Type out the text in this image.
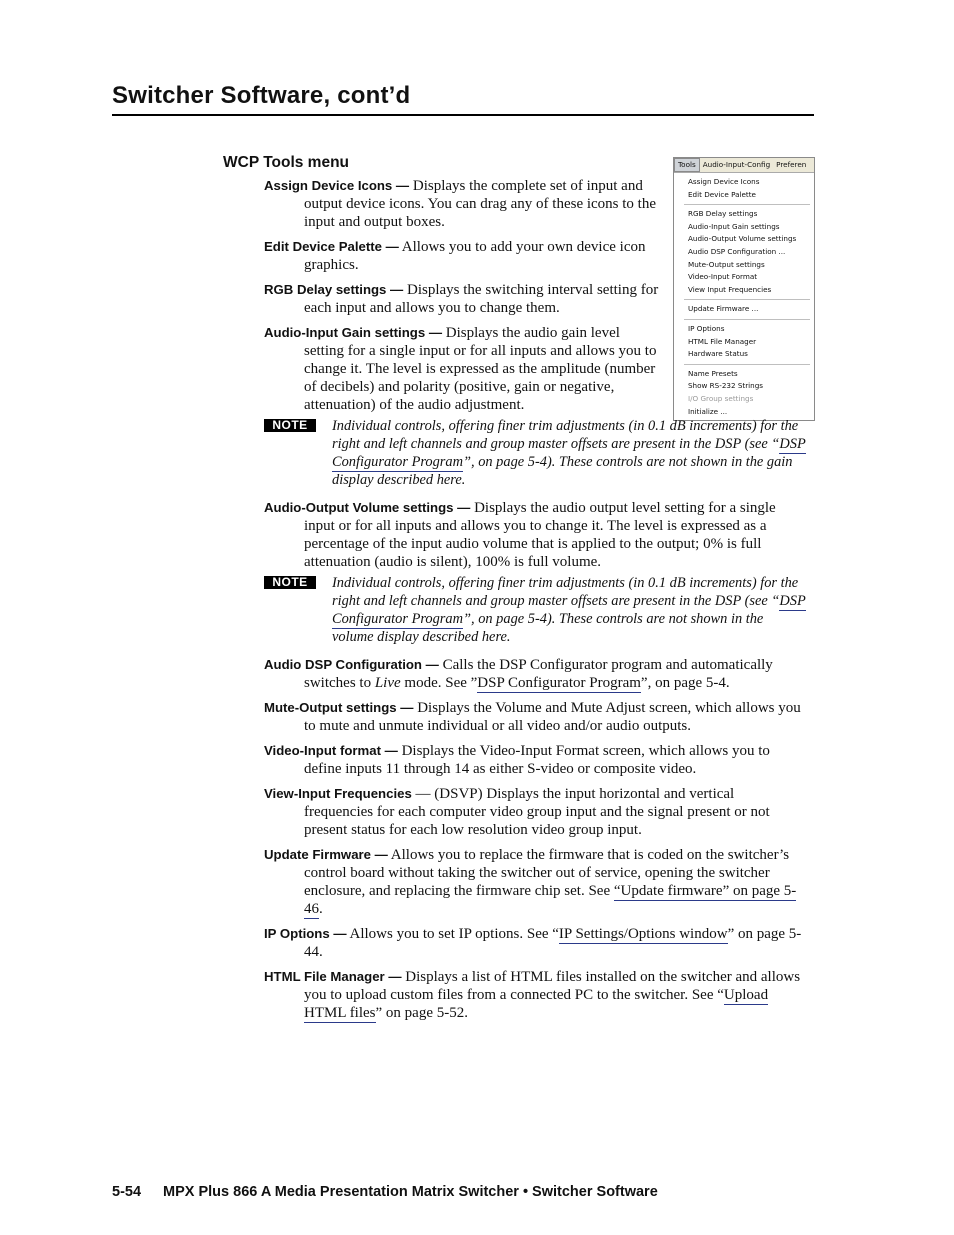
Switcher Software, cont’d
WCP Tools menu	Tools Audio-Input-Config Preferen
Assign Device Icons
Edit Device Palette
RGB Delay settings
Audio-Input Gain settings
Audio-Output Volume settings
Audio DSP Configuration ...
Mute-Output settings
Video-Input Format
View Input Frequencies
Update Firmware ...
IP Options
HTML File Manager
Hardware Status
Name Presets
Show RS-232 Strings
I/O Group settings
Initialize ...

Assign Device Icons — Displays the complete set of input and output device icons. You can drag any of these icons to the input and output boxes.

Edit Device Palette — Allows you to add your own device icon graphics.

RGB Delay settings — Displays the switching interval setting for each input and allows you to change them.

Audio-Input Gain settings — Displays the audio gain level setting for a single input or for all inputs and allows you to change it. The level is expressed as the amplitude (number of decibels) and polarity (positive, gain or negative, attenuation) of the audio adjustment.

NOTE	Individual controls, offering finer trim adjustments (in 0.1 dB increments) for the right and left channels and group master offsets are present in the DSP (see “DSP Configurator Program”, on page 5-4). These controls are not shown in the gain display described here.

Audio-Output Volume settings — Displays the audio output level setting for a single input or for all inputs and allows you to change it. The level is expressed as a percentage of the input audio volume that is applied to the output; 0% is full attenuation (audio is silent), 100% is full volume.

NOTE	Individual controls, offering finer trim adjustments (in 0.1 dB increments) for the right and left channels and group master offsets are present in the DSP (see “DSP Configurator Program”, on page 5-4). These controls are not shown in the volume display described here.

Audio DSP Configuration — Calls the DSP Configurator program and automatically switches to Live mode. See ”DSP Configurator Program”, on page 5-4.

Mute-Output settings — Displays the Volume and Mute Adjust screen, which allows you to mute and unmute individual or all video and/or audio outputs.

Video-Input format — Displays the Video-Input Format screen, which allows you to define inputs 11 through 14 as either S-video or composite video.

View-Input Frequencies — (DSVP) Displays the input horizontal and vertical frequencies for each computer video group input and the signal present or not present status for each low resolution video group input.

Update Firmware — Allows you to replace the firmware that is coded on the switcher’s control board without taking the switcher out of service, opening the switcher enclosure, and replacing the firmware chip set. See “Update firmware” on page 5-46.

IP Options — Allows you to set IP options. See “IP Settings/Options window” on page 5-44.

HTML File Manager — Displays a list of HTML files installed on the switcher and allows you to upload custom files from a connected PC to the switcher. See “Upload HTML files” on page 5-52.

5-54 MPX Plus 866 A Media Presentation Matrix Switcher • Switcher Software
